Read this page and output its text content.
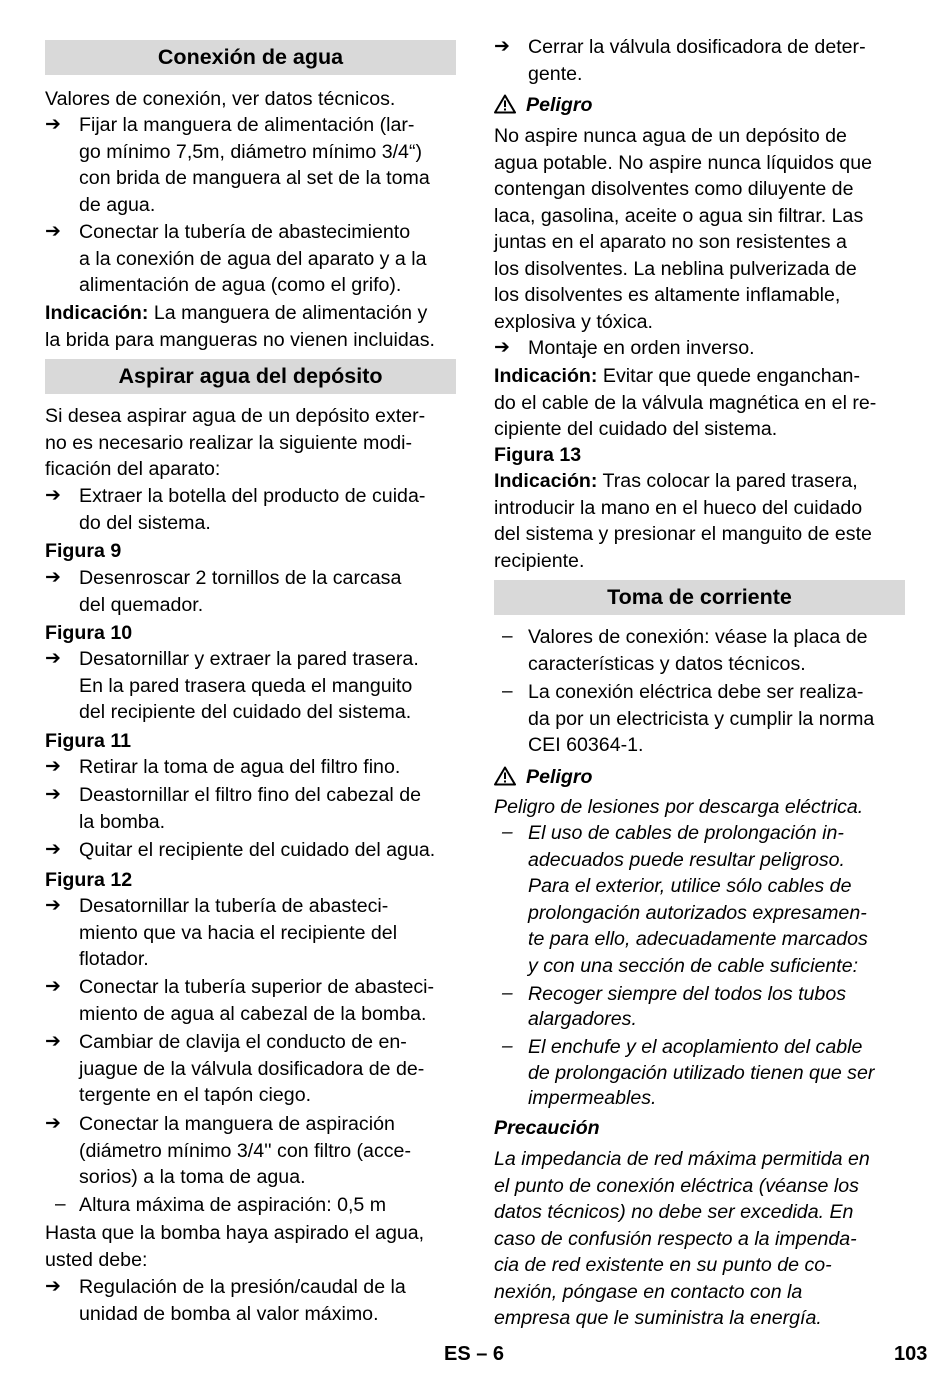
Conexión de agua
Valores de conexión, ver datos técnicos.
➔ Fijar la manguera de alimentación (lar-
go mínimo 7,5m, diámetro mínimo 3/4“)
con brida de manguera al set de la toma
de agua.
➔ Conectar la tubería de abastecimiento
a la conexión de agua del aparato y a la
alimentación de agua (como el grifo).
Indicación: La manguera de alimentación y
la brida para mangueras no vienen incluidas.
Aspirar agua del depósito
Si desea aspirar agua de un depósito exter-
no es necesario realizar la siguiente modi-
ficación del aparato:
➔ Extraer la botella del producto de cuida-
do del sistema.
Figura 9
➔ Desenroscar 2 tornillos de la carcasa
del quemador.
Figura 10
➔ Desatornillar y extraer la pared trasera.
En la pared trasera queda el manguito
del recipiente del cuidado del sistema.
Figura 11
➔ Retirar la toma de agua del filtro fino.
➔ Deastornillar el filtro fino del cabezal de
la bomba.
➔ Quitar el recipiente del cuidado del agua.
Figura 12
➔ Desatornillar la tubería de abasteci-
miento que va hacia el recipiente del
flotador.
➔ Conectar la tubería superior de abasteci-
miento de agua al cabezal de la bomba.
➔ Cambiar de clavija el conducto de en-
juague de la válvula dosificadora de de-
tergente en el tapón ciego.
➔ Conectar la manguera de aspiración
(diámetro mínimo 3/4'' con filtro (acce-
sorios) a la toma de agua.
– Altura máxima de aspiración: 0,5 m
Hasta que la bomba haya aspirado el agua,
usted debe:
➔ Regulación de la presión/caudal de la
unidad de bomba al valor máximo.
➔ Cerrar la válvula dosificadora de deter-
gente.
Peligro
No aspire nunca agua de un depósito de
agua potable. No aspire nunca líquidos que
contengan disolventes como diluyente de
laca, gasolina, aceite o agua sin filtrar. Las
juntas en el aparato no son resistentes a
los disolventes. La neblina pulverizada de
los disolventes es altamente inflamable,
explosiva y tóxica.
➔ Montaje en orden inverso.
Indicación: Evitar que quede enganchan-
do el cable de la válvula magnética en el re-
cipiente del cuidado del sistema.
Figura 13
Indicación: Tras colocar la pared trasera,
introducir la mano en el hueco del cuidado
del sistema y presionar el manguito de este
recipiente.
Toma de corriente
– Valores de conexión: véase la placa de
características y datos técnicos.
– La conexión eléctrica debe ser realiza-
da por un electricista y cumplir la norma
CEI 60364-1.
Peligro
Peligro de lesiones por descarga eléctrica.
– El uso de cables de prolongación in-
adecuados puede resultar peligroso.
Para el exterior, utilice sólo cables de
prolongación autorizados expresamen-
te para ello, adecuadamente marcados
y con una sección de cable suficiente:
– Recoger siempre del todos los tubos
alargadores.
– El enchufe y el acoplamiento del cable
de prolongación utilizado tienen que ser
impermeables.
Precaución
La impedancia de red máxima permitida en
el punto de conexión eléctrica (véanse los
datos técnicos) no debe ser excedida. En
caso de confusión respecto a la impenda-
cia de red existente en su punto de co-
nexión, póngase en contacto con la
empresa que le suministra la energía.
ES – 6	103
